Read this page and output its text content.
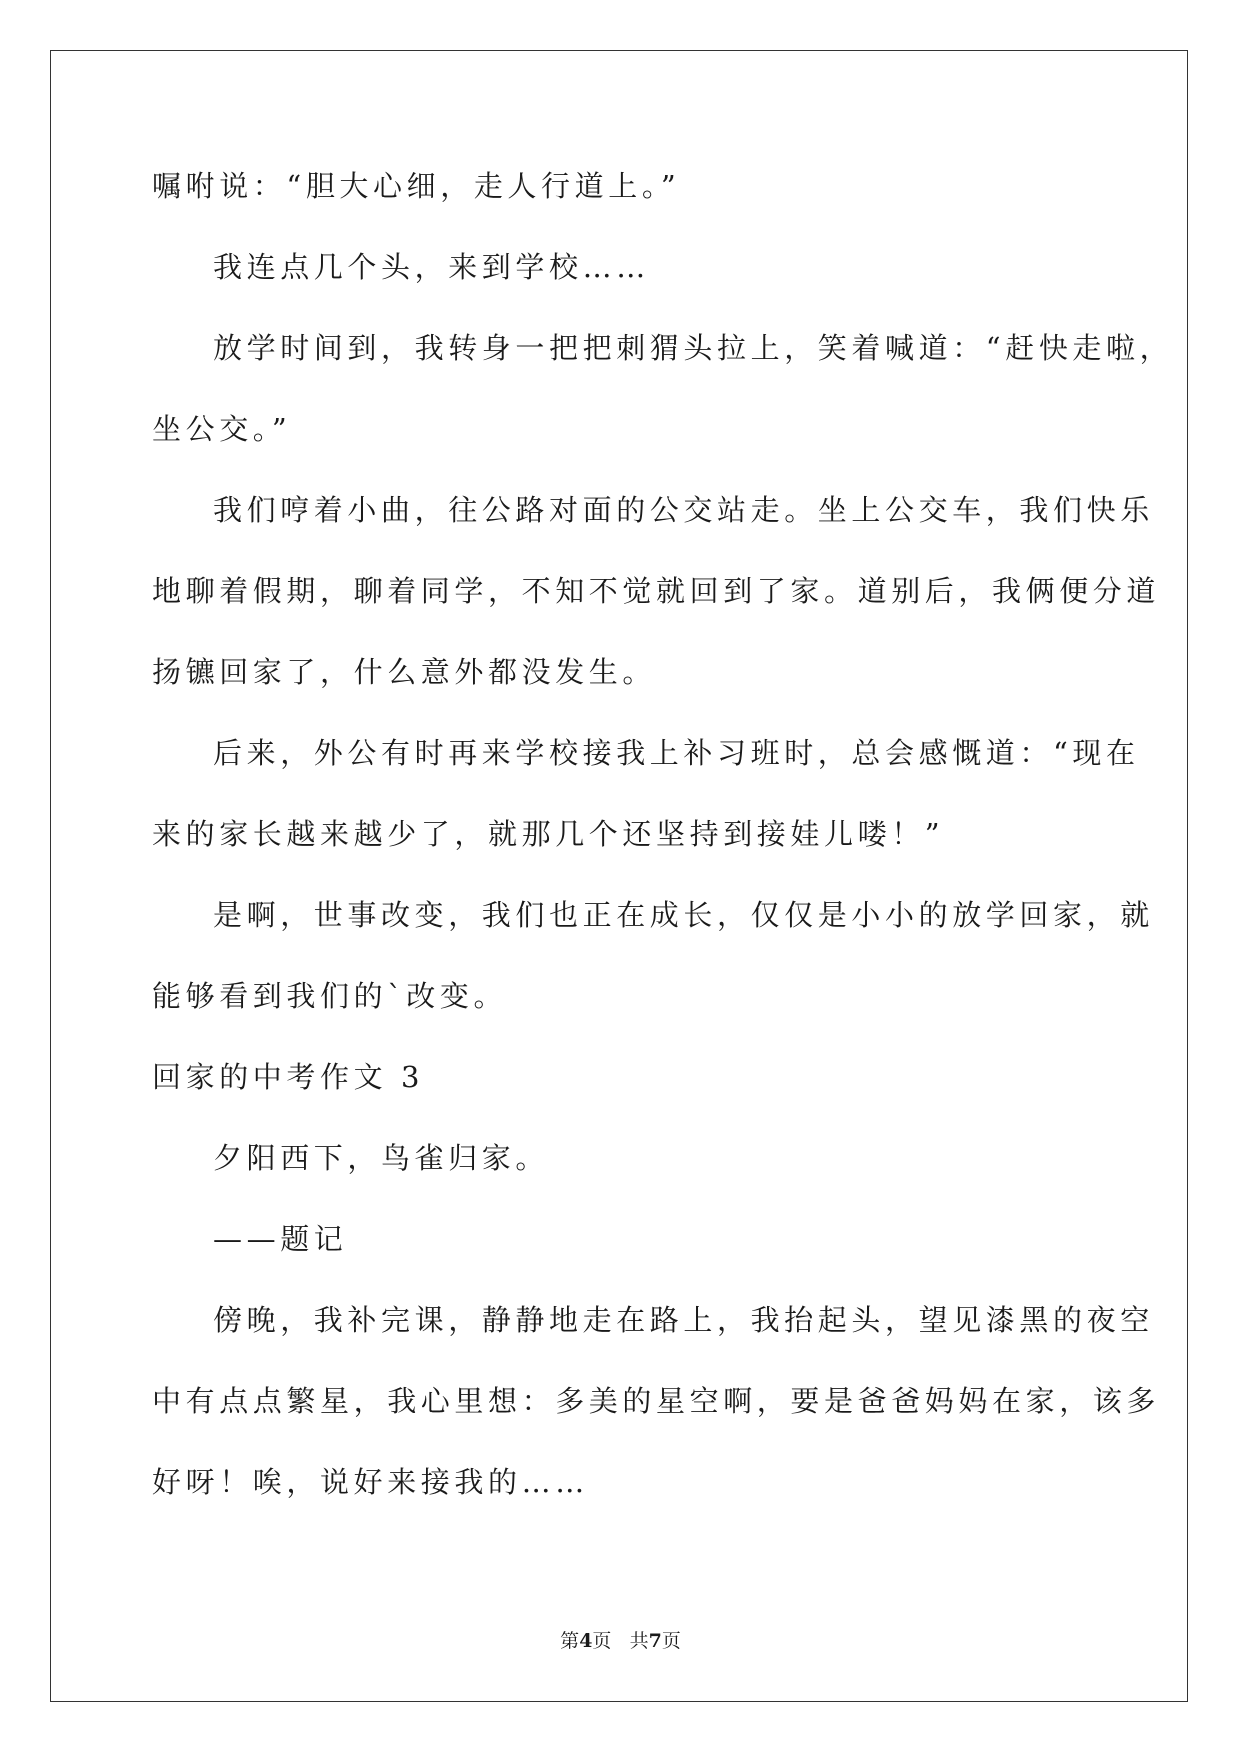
嘱咐说：“胆大心细，走人行道上。”
我连点几个头，来到学校……
放学时间到，我转身一把把刺猬头拉上，笑着喊道：“赶快走啦，
坐公交。”
我们哼着小曲，往公路对面的公交站走。坐上公交车，我们快乐
地聊着假期，聊着同学，不知不觉就回到了家。道别后，我俩便分道
扬镳回家了，什么意外都没发生。
后来，外公有时再来学校接我上补习班时，总会感慨道：“现在
来的家长越来越少了，就那几个还坚持到接娃儿喽！”
是啊，世事改变，我们也正在成长，仅仅是小小的放学回家，就
能够看到我们的`改变。
回家的中考作文 3
夕阳西下，鸟雀归家。
——题记
傍晚，我补完课，静静地走在路上，我抬起头，望见漆黑的夜空
中有点点繁星，我心里想：多美的星空啊，要是爸爸妈妈在家，该多
好呀！唉，说好来接我的……
第4页 共7页
